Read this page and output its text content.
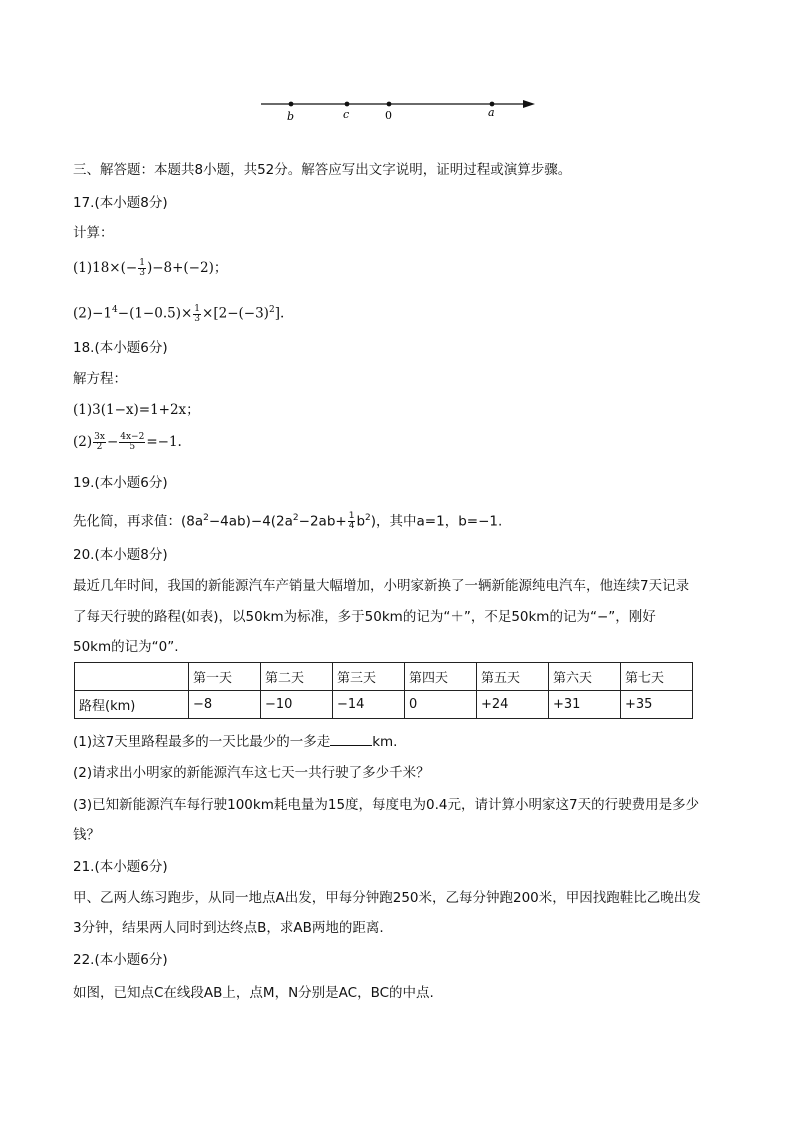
b	c	0	a
三、解答题：本题共8小题，共52分。解答应写出文字说明，证明过程或演算步骤。
17.(本小题8分)
计算：
$(1)18\times(- \frac{1}{3} )-8+(-2)$；
$(2)-1^4-(1-0.5)\times \frac{1}{3} \times[2-(-3)^2]$.
18.(本小题6分)
解方程：
(1)3(1−x)=1+2x；
$(2) \frac{3x}{2} - \frac{4x-2}{5} =-1$.
19.(本小题6分)
先化简，再求值：$(8a^2-4ab)-4(2a^2-2ab+ \frac{1}{4} b^2)$，其中a=1，b=−1.
20.(本小题8分)
最近几年时间，我国的新能源汽车产销量大幅增加，小明家新换了一辆新能源纯电汽车，他连续7天记录
了每天行驶的路程(如表)，以50km为标准，多于50km的记为“＋”，不足50km的记为“−”，刚好
50km的记为“0”.
	第一天	第二天	第三天	第四天	第五天	第六天	第七天
路程(km)	−8	−10	−14	0	+24	+31	+35
(1)这7天里路程最多的一天比最少的一多走	km.
(2)请求出小明家的新能源汽车这七天一共行驶了多少千米？
(3)已知新能源汽车每行驶100km耗电量为15度，每度电为0.4元，请计算小明家这7天的行驶费用是多少
钱？
21.(本小题6分)
甲、乙两人练习跑步，从同一地点A出发，甲每分钟跑250米，乙每分钟跑200米，甲因找跑鞋比乙晚出发
3分钟，结果两人同时到达终点B，求AB两地的距离.
22.(本小题6分)
如图，已知点C在线段AB上，点M，N分别是AC，BC的中点.
